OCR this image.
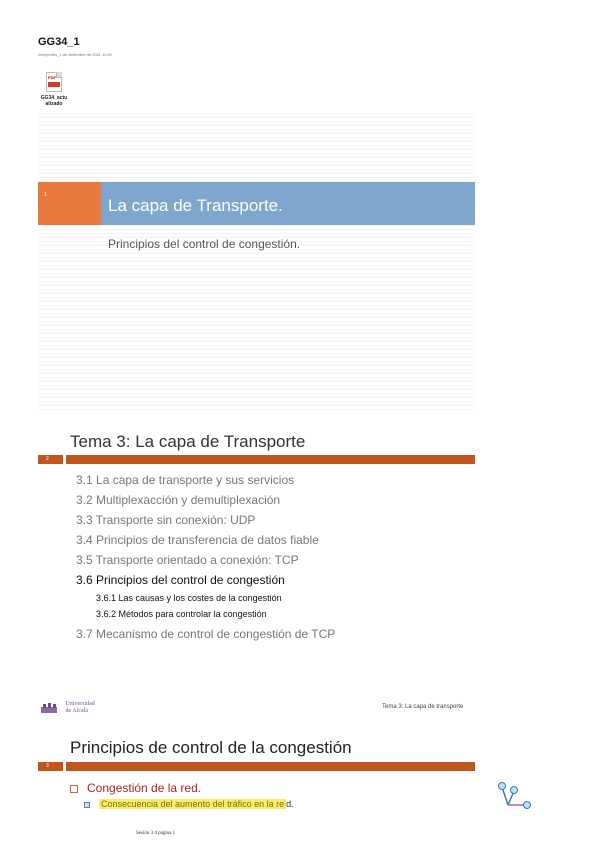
GG34_1
Intérpretes_1 de diciembre de 2011 11:09
PDF
GG34_actu
alizado
1
La capa de Transporte.
Principios del control de congestión.
Tema 3: La capa de Transporte
2
3.1 La capa de transporte y sus servicios
3.2 Multiplexacción y demultiplexación
3.3 Transporte sin conexión: UDP
3.4 Principios de transferencia de datos fiable
3.5 Transporte orientado a conexión: TCP
3.6 Principios del control de congestión
3.6.1 Las causas y los costes de la congestión
3.6.2 Métodos para controlar la congestión
3.7 Mecanismo de control de congestión de TCP
Universidad
de Alcalá
Tema 3: La capa de transporte
Principios de control de la congestión
3
Congestión de la red.
Consecuencia del aumento del tráfico en la re d.
Sesión 3.4 página 1
